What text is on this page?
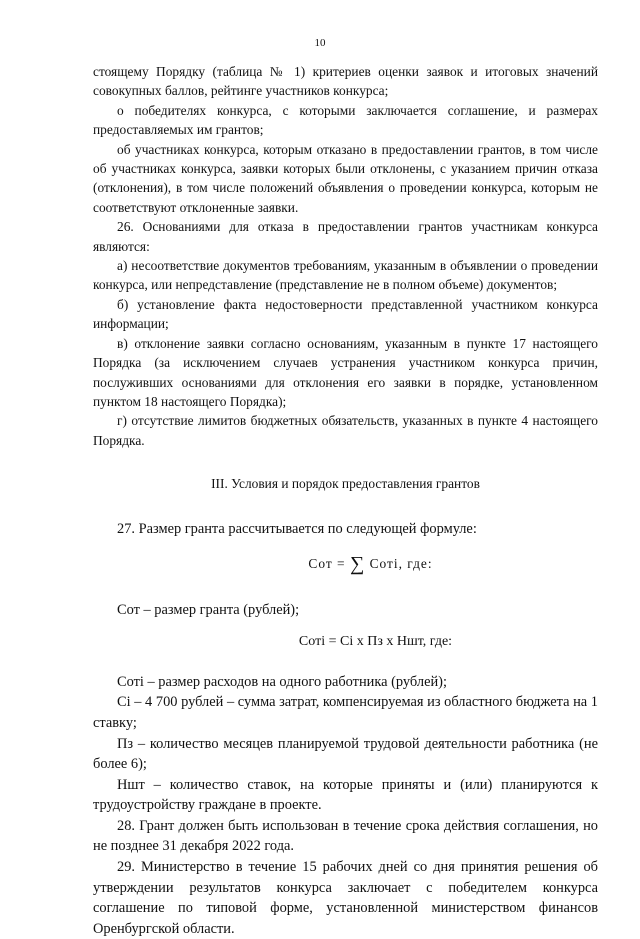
10

стоящему Порядку (таблица № 1) критериев оценки заявок и итоговых значений совокупных баллов, рейтинге участников конкурса;

о победителях конкурса, с которыми заключается соглашение, и размерах предоставляемых им грантов;

об участниках конкурса, которым отказано в предоставлении грантов, в том числе об участниках конкурса, заявки которых были отклонены, с указанием причин отказа (отклонения), в том числе положений объявления о проведении конкурса, которым не соответствуют отклоненные заявки.

26. Основаниями для отказа в предоставлении грантов участникам конкурса являются:

а) несоответствие документов требованиям, указанным в объявлении о проведении конкурса, или непредставление (представление не в полном объеме) документов;

б) установление факта недостоверности представленной участником конкурса информации;

в) отклонение заявки согласно основаниям, указанным в пункте 17 настоящего Порядка (за исключением случаев устранения участником конкурса причин, послуживших основаниями для отклонения его заявки в порядке, установленном пунктом 18 настоящего Порядка);

г) отсутствие лимитов бюджетных обязательств, указанных в пункте 4 настоящего Порядка.

III. Условия и порядок предоставления грантов

27. Размер гранта рассчитывается по следующей формуле:

Сот = ∑ Сотi, где:

Сот – размер гранта (рублей);

Сотi = Сi х Пз х Ншт, где:

Сотi – размер расходов на одного работника (рублей);

Сi – 4 700 рублей – сумма затрат, компенсируемая из областного бюджета на 1 ставку;

Пз – количество месяцев планируемой трудовой деятельности работника (не более 6);

Ншт – количество ставок, на которые приняты и (или) планируются к трудоустройству граждане в проекте.

28. Грант должен быть использован в течение срока действия соглашения, но не позднее 31 декабря 2022 года.

29. Министерство в течение 15 рабочих дней со дня принятия решения об утверждении результатов конкурса заключает с победителем конкурса соглашение по типовой форме, установленной министерством финансов Оренбургской области.
